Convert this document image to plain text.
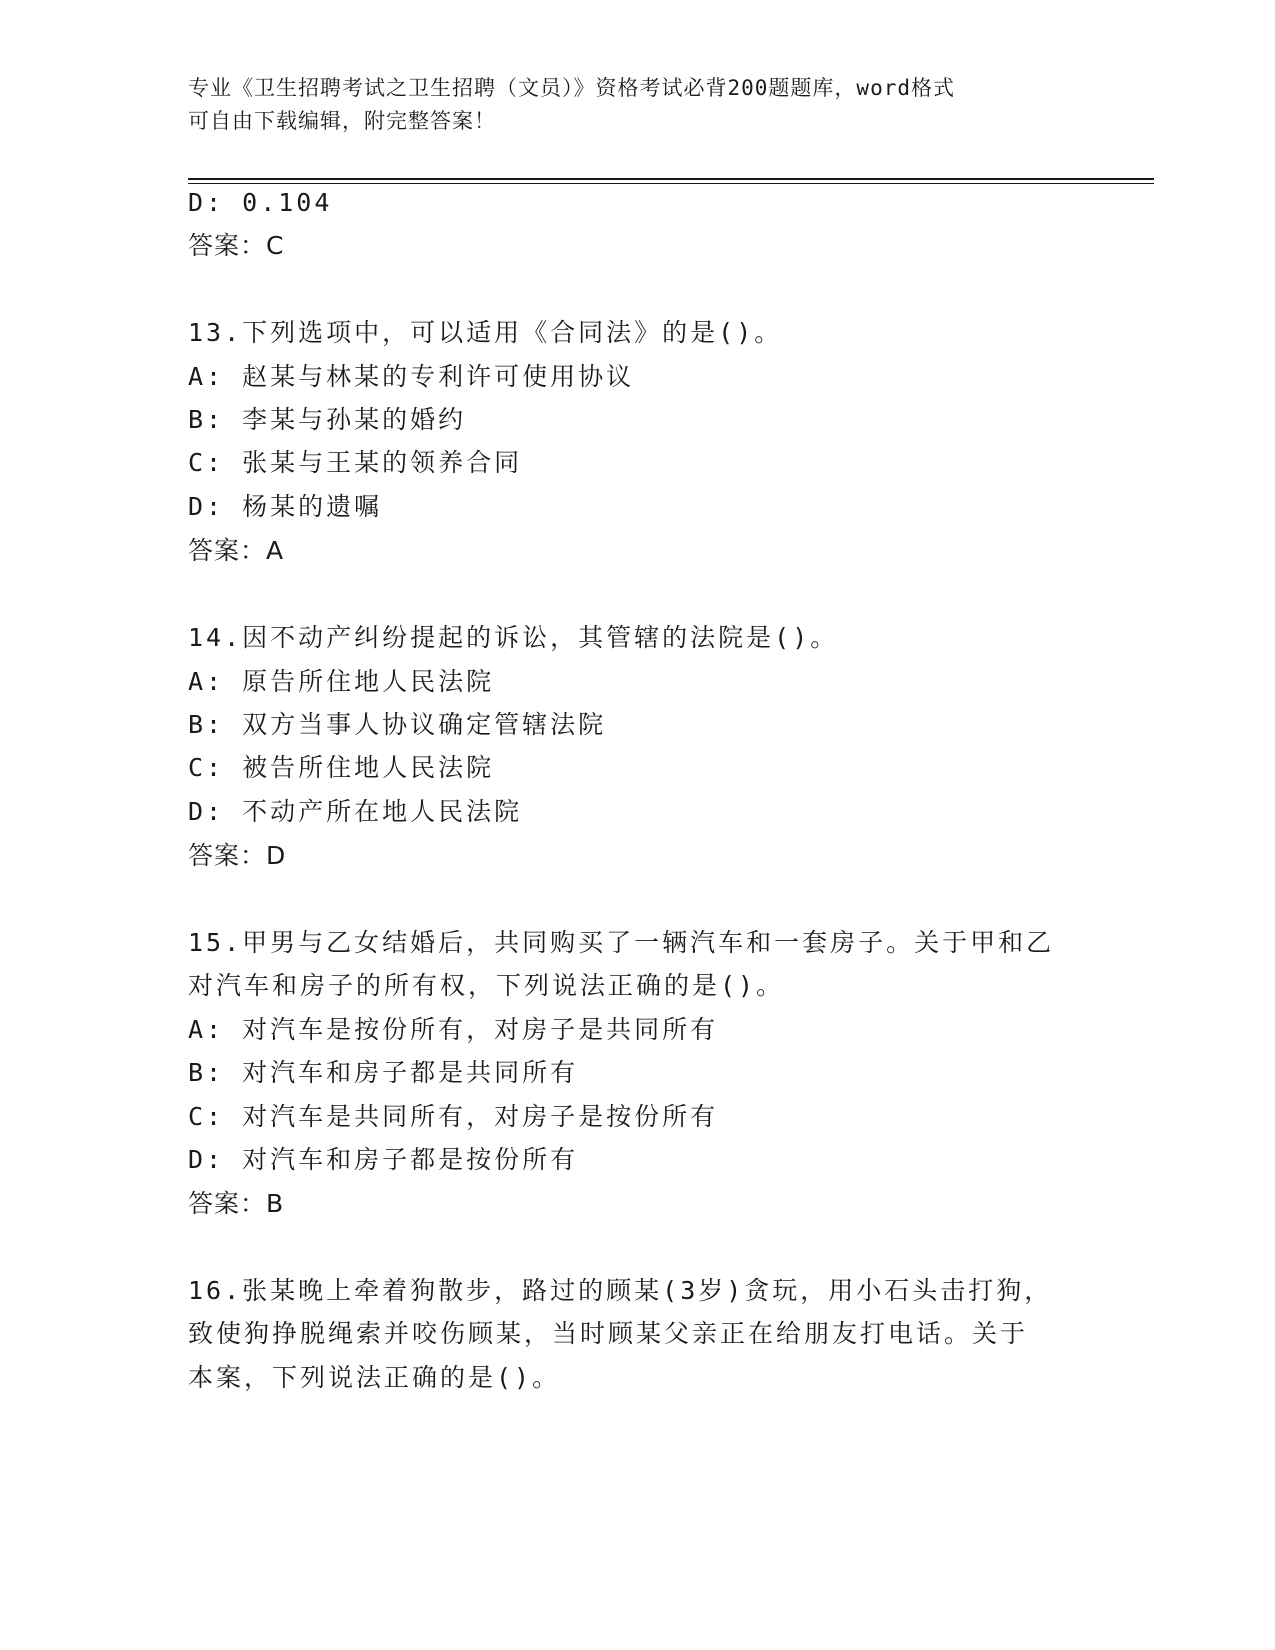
专业《卫生招聘考试之卫生招聘（文员）》资格考试必背200题题库，word格式
可自由下载编辑，附完整答案！
D: 0.104
答案：C
13.下列选项中，可以适用《合同法》的是()。
A: 赵某与林某的专利许可使用协议
B: 李某与孙某的婚约
C: 张某与王某的领养合同
D: 杨某的遗嘱
答案：A
14.因不动产纠纷提起的诉讼，其管辖的法院是()。
A: 原告所住地人民法院
B: 双方当事人协议确定管辖法院
C: 被告所住地人民法院
D: 不动产所在地人民法院
答案：D
15.甲男与乙女结婚后，共同购买了一辆汽车和一套房子。关于甲和乙
对汽车和房子的所有权，下列说法正确的是()。
A: 对汽车是按份所有，对房子是共同所有
B: 对汽车和房子都是共同所有
C: 对汽车是共同所有，对房子是按份所有
D: 对汽车和房子都是按份所有
答案：B
16.张某晚上牵着狗散步，路过的顾某(3岁)贪玩，用小石头击打狗，
致使狗挣脱绳索并咬伤顾某，当时顾某父亲正在给朋友打电话。关于
本案，下列说法正确的是()。
